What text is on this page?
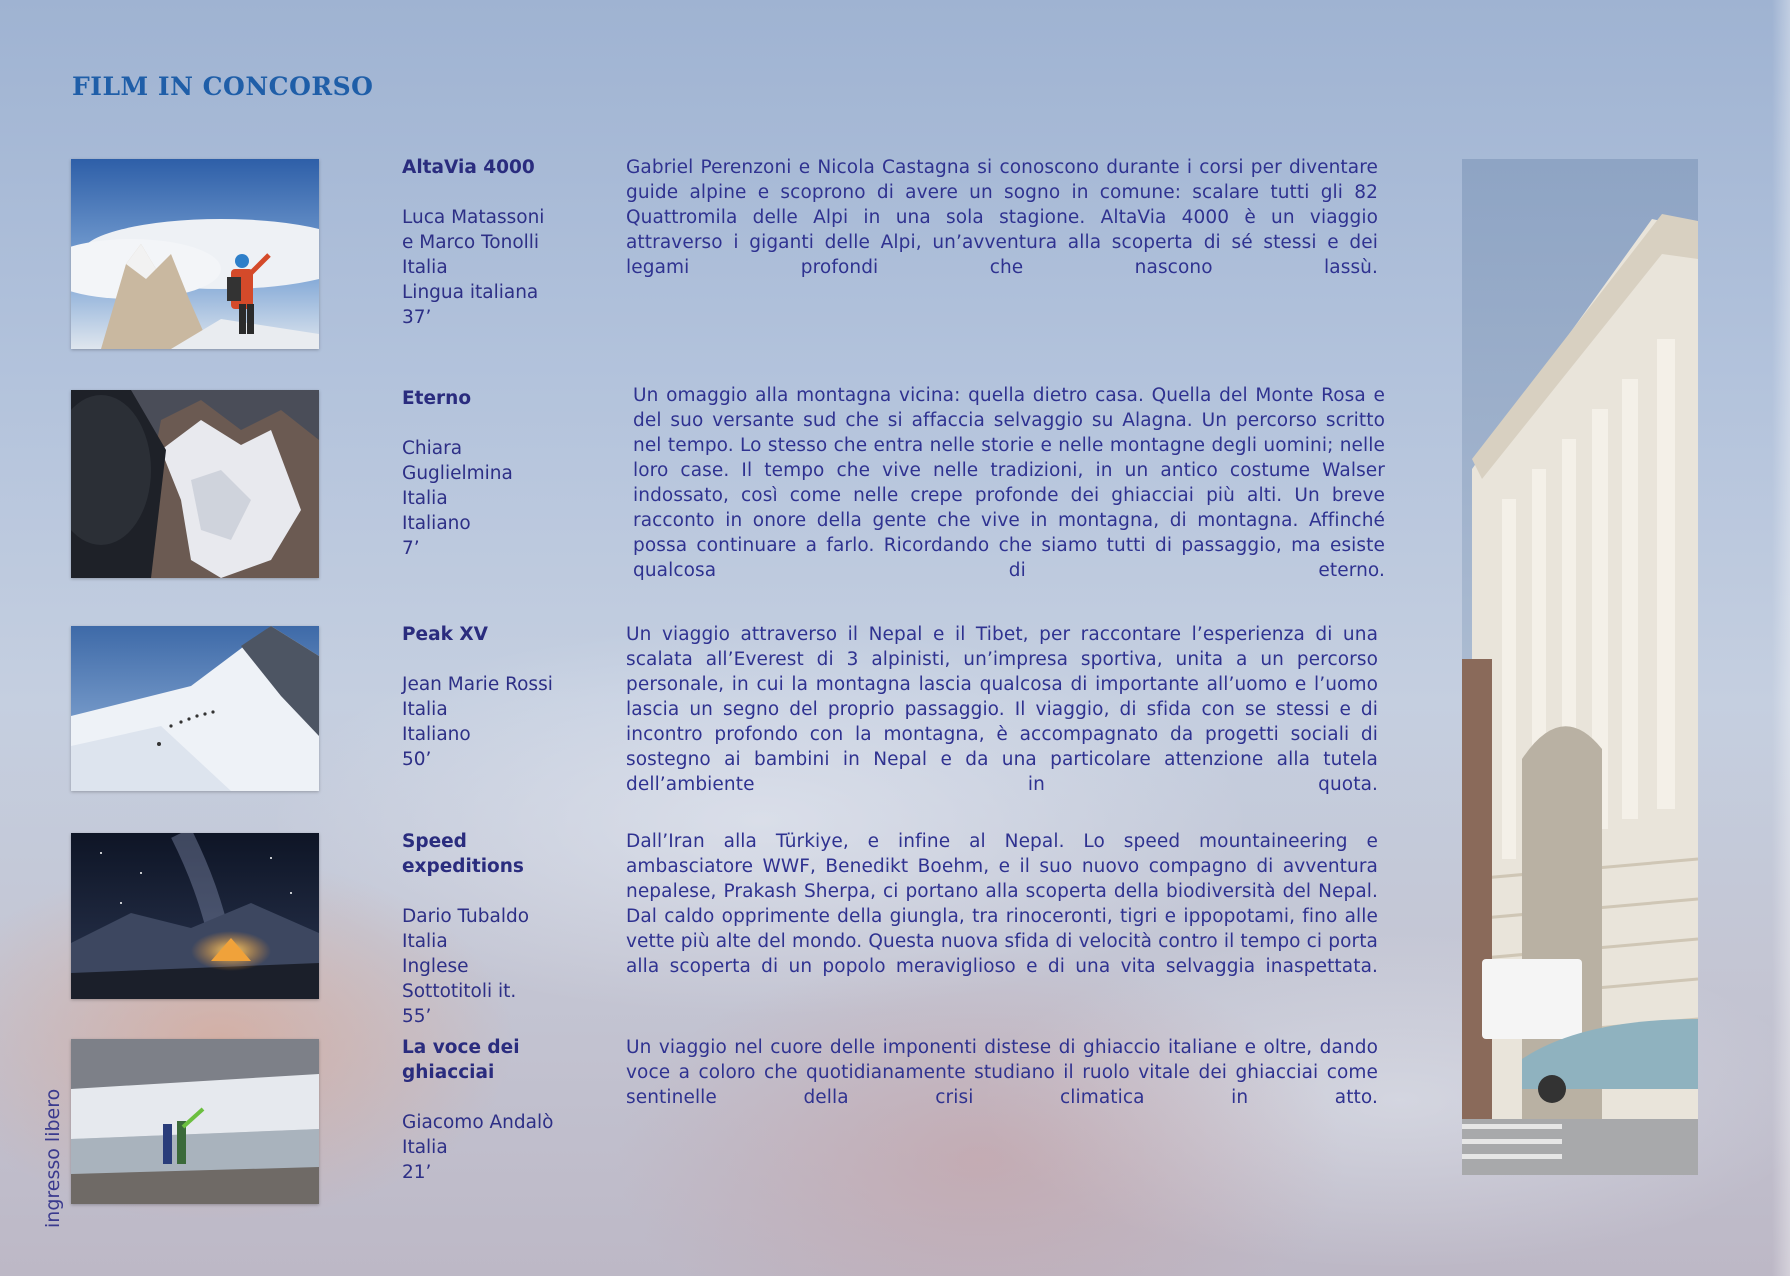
FILM IN CONCORSO
AltaVia 4000
Luca Matassoni
e Marco Tonolli
Italia
Lingua italiana
37’

Gabriel Perenzoni e Nicola Castagna si conoscono durante i corsi per diventare guide alpine e scoprono di avere un sogno in comune: scalare tutti gli 82 Quattromila delle Alpi in una sola stagione. AltaVia 4000 è un viaggio attraverso i giganti delle Alpi, un’avventura alla scoperta di sé stessi e dei legami profondi che nascono lassù.

Eterno
Chiara
Guglielmina
Italia
Italiano
7’

Un omaggio alla montagna vicina: quella dietro casa. Quella del Monte Rosa e del suo versante sud che si affaccia selvaggio su Alagna. Un percorso scritto nel tempo. Lo stesso che entra nelle storie e nelle montagne degli uomini; nelle loro case. Il tempo che vive nelle tradizioni, in un antico costume Walser indossato, così come nelle crepe profonde dei ghiacciai più alti. Un breve racconto in onore della gente che vive in montagna, di montagna. Affinché possa continuare a farlo. Ricordando che siamo tutti di passaggio, ma esiste qualcosa di eterno.

Peak XV
Jean Marie Rossi
Italia
Italiano
50’

Un viaggio attraverso il Nepal e il Tibet, per raccontare l’esperienza di una scalata all’Everest di 3 alpinisti, un’impresa sportiva, unita a un percorso personale, in cui la montagna lascia qualcosa di importante all’uomo e l’uomo lascia un segno del proprio passaggio. Il viaggio, di sfida con se stessi e di incontro profondo con la montagna, è accompagnato da progetti sociali di sostegno ai bambini in Nepal e da una particolare attenzione alla tutela dell’ambiente in quota.

Speed expeditions
Dario Tubaldo
Italia
Inglese
Sottotitoli it.
55’

Dall’Iran alla Türkiye, e infine al Nepal. Lo speed mountaineering e ambasciatore WWF, Benedikt Boehm, e il suo nuovo compagno di avventura nepalese, Prakash Sherpa, ci portano alla scoperta della biodiversità del Nepal. Dal caldo opprimente della giungla, tra rinoceronti, tigri e ippopotami, fino alle vette più alte del mondo. Questa nuova sfida di velocità contro il tempo ci porta alla scoperta di un popolo meraviglioso e di una vita selvaggia inaspettata.

La voce dei ghiacciai
Giacomo Andalò
Italia
21’

Un viaggio nel cuore delle imponenti distese di ghiaccio italiane e oltre, dando voce a coloro che quotidianamente studiano il ruolo vitale dei ghiacciai come sentinelle della crisi climatica in atto.

ingresso libero
